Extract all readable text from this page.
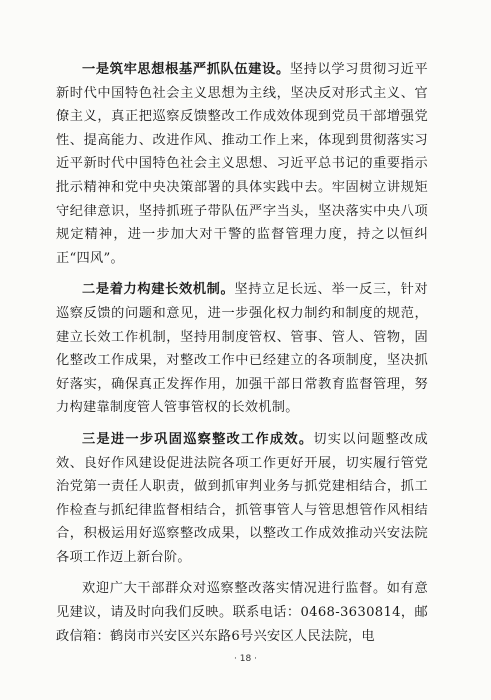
一是筑牢思想根基严抓队伍建设。坚持以学习贯彻习近平新时代中国特色社会主义思想为主线，坚决反对形式主义、官僚主义，真正把巡察反馈整改工作成效体现到党员干部增强党性、提高能力、改进作风、推动工作上来，体现到贯彻落实习近平新时代中国特色社会主义思想、习近平总书记的重要指示批示精神和党中央决策部署的具体实践中去。牢固树立讲规矩守纪律意识，坚持抓班子带队伍严字当头，坚决落实中央八项规定精神，进一步加大对干警的监督管理力度，持之以恒纠正“四风”。

二是着力构建长效机制。坚持立足长远、举一反三，针对巡察反馈的问题和意见，进一步强化权力制约和制度的规范，建立长效工作机制，坚持用制度管权、管事、管人、管物，固化整改工作成果，对整改工作中已经建立的各项制度，坚决抓好落实，确保真正发挥作用，加强干部日常教育监督管理，努力构建靠制度管人管事管权的长效机制。

三是进一步巩固巡察整改工作成效。切实以问题整改成效、良好作风建设促进法院各项工作更好开展，切实履行管党治党第一责任人职责，做到抓审判业务与抓党建相结合，抓工作检查与抓纪律监督相结合，抓管事管人与管思想管作风相结合，积极运用好巡察整改成果，以整改工作成效推动兴安法院各项工作迈上新台阶。

欢迎广大干部群众对巡察整改落实情况进行监督。如有意见建议，请及时向我们反映。联系电话：0468-3630814，邮政信箱：鹤岗市兴安区兴东路6号兴安区人民法院，电

· 18 ·
